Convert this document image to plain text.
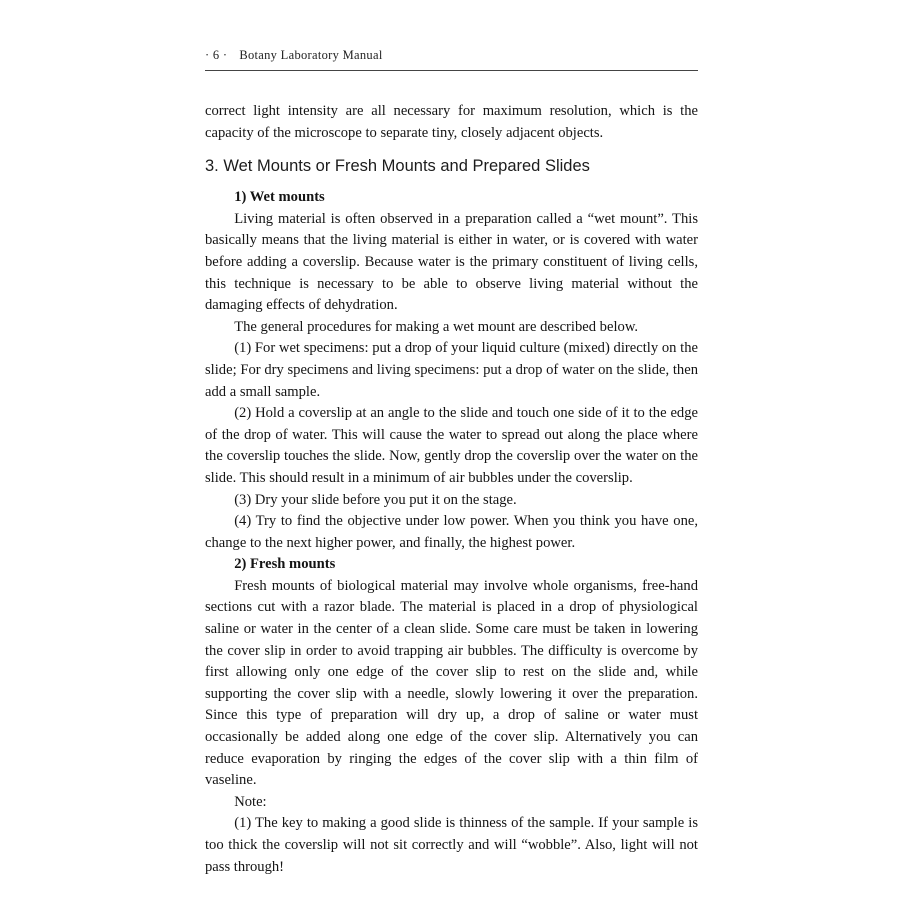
· 6 · Botany Laboratory Manual

correct light intensity are all necessary for maximum resolution, which is the capacity of the microscope to separate tiny, closely adjacent objects.

3. Wet Mounts or Fresh Mounts and Prepared Slides

1) Wet mounts

Living material is often observed in a preparation called a “wet mount”. This basically means that the living material is either in water, or is covered with water before adding a coverslip. Because water is the primary constituent of living cells, this technique is necessary to be able to observe living material without the damaging effects of dehydration.

The general procedures for making a wet mount are described below.

(1) For wet specimens: put a drop of your liquid culture (mixed) directly on the slide; For dry specimens and living specimens: put a drop of water on the slide, then add a small sample.

(2) Hold a coverslip at an angle to the slide and touch one side of it to the edge of the drop of water. This will cause the water to spread out along the place where the coverslip touches the slide. Now, gently drop the coverslip over the water on the slide. This should result in a minimum of air bubbles under the coverslip.

(3) Dry your slide before you put it on the stage.

(4) Try to find the objective under low power. When you think you have one, change to the next higher power, and finally, the highest power.

2) Fresh mounts

Fresh mounts of biological material may involve whole organisms, free-hand sections cut with a razor blade. The material is placed in a drop of physiological saline or water in the center of a clean slide. Some care must be taken in lowering the cover slip in order to avoid trapping air bubbles. The difficulty is overcome by first allowing only one edge of the cover slip to rest on the slide and, while supporting the cover slip with a needle, slowly lowering it over the preparation. Since this type of preparation will dry up, a drop of saline or water must occasionally be added along one edge of the cover slip. Alternatively you can reduce evaporation by ringing the edges of the cover slip with a thin film of vaseline.

Note:

(1) The key to making a good slide is thinness of the sample. If your sample is too thick the coverslip will not sit correctly and will “wobble”. Also, light will not pass through!
